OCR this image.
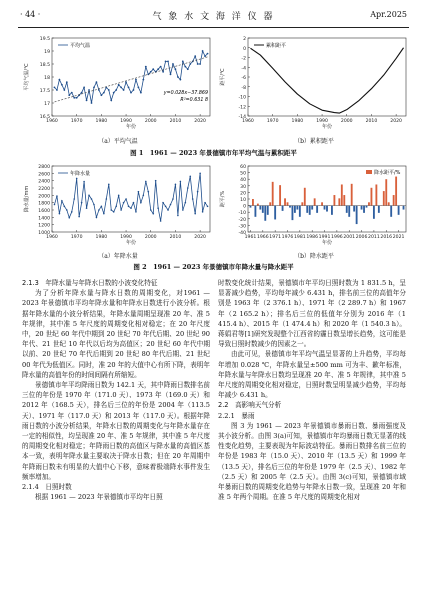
· 44 ·	气 象 水 文 海 洋 仪 器	Apr.2025
16.5
17
17.5
18
18.5
19
19.5
1960	1970	1980	1990	2000	2010	2020
年份
平均气温/℃
平均气温
y=0.028x−37.869
R²=0.631 8
（a）平均气温
-14
-12
-10
-8
-6
-4
-2
0
2
1960	1970	1980	1990	2000	2010	2020
年份
距平/℃
累积距平
（b）累积距平
图 1　1961 — 2023 年景德镇市年平均气温与累积距平
1000
1200
1400
1600
1800
2000
2200
2400
2600
2800
1960	1970	1980	1990	2000	2010	2020
年份
降水量/mm
年降水量
（a）年降水量
-40
-30
-20
-10
0
10
20
30
40
50
60
1961 1966 1971 1976 1981 1986 1991 1996 2001 2006 2011 2016 2021
年份
距平/%
降水距平/%
（b）降水距平
图 2　1961 — 2023 年景德镇市年降水量与降水距平

2.1.3　年降水量与年降水日数的小波变化特征

为了分析年降水量与降水日数的周期变化，对1961 — 2023 年景德镇市平均年降水量和年降水日数进行小波分析。根据年降水量的小波分析结果，年降水量周期呈现准 20 年、准 5 年规律，其中准 5 年尺度的周期变化相对稳定；在 20 年尺度中，20 世纪 60 年代中期到 20 世纪 70 年代后期、20 世纪 90 年代、21 世纪 10 年代以后均为高值区；20 世纪 60 年代中期以前、20 世纪 70 年代后期到 20 世纪 80 年代后期、21 世纪 00 年代为低值区。同时，准 20 年的大值中心有所下降，表明年降水量的高值年份的时间间隔有所缩短。

景德镇市年平均降雨日数为 142.1 天，其中降雨日数排名前三位的年份是 1970 年（171.0 天）、1973 年（169.0 天）和 2012 年（168.5 天），排名后三位的年份是 2004 年（113.5 天）、1971 年（117.0 天）和 2013 年（117.0 天）。根据年降雨日数的小波分析结果，年降水日数的周期变化与年降水量存在一定的相似性，均呈现准 20 年、准 5 年规律，其中准 5 年尺度的周期变化相对稳定；年降雨日数的高值区与降水量的高值区基本一致，表明年降水量主要取决于降水日数；但在 20 年周期中年降雨日数未有明显的大值中心下移，意味着极端降水事件发生频率增加。

2.1.4　日照时数

根据 1961 — 2023 年景德镇市平均年日照

时数变化统计结果，景德镇市年平均日照时数为 1 831.5 h，呈显著减少趋势，平均每年减少 6.431 h，排名前三位的高值年分别是 1963 年（2 376.1 h）、1971 年（2 289.7 h）和 1967 年（2 165.2 h）；排名后三位的低值年分别为 2016 年（1 415.4 h）、2015 年（1 474.4 h）和 2020 年（1 540.3 h）。蒋娟君等[1]研究发现整个江西省的霾日数呈增长趋势，这可能是导致日照时数减少的因素之一。

由此可见，景德镇市年平均气温呈显著的上升趋势，平均每年增加 0.028 ℃，年降水量呈±500 mm 可为丰、歉年标准，年降水量与年降水日数均呈现准 20 年、准 5 年规律，其中准 5 年尺度的周期变化相对稳定，日照时数呈明显减少趋势，平均每年减少 6.431 h。

2.2　高影响天气分析

2.2.1　暴雨

图 3 为 1961 — 2023 年景德镇市暴雨日数、暴雨强度及其小波分析。由图 3(a)可知，景德镇市年均暴雨日数无显著的线性变化趋势，主要表现为年际波动特征。暴雨日数排名前三位的年份是 1983 年（15.0 天）、2010 年（13.5 天）和 1999 年（13.5 天），排名后三位的年份是 1979 年（2.5 天）、1982 年（2.5 天）和 2005 年（2.5 天）。由图 3(c)可知，景德镇市域年暴雨日数的周期变化趋势与年降水日数一致，呈现准 20 年和准 5 年两个周期。在准 5 年尺度的周期变化相对
